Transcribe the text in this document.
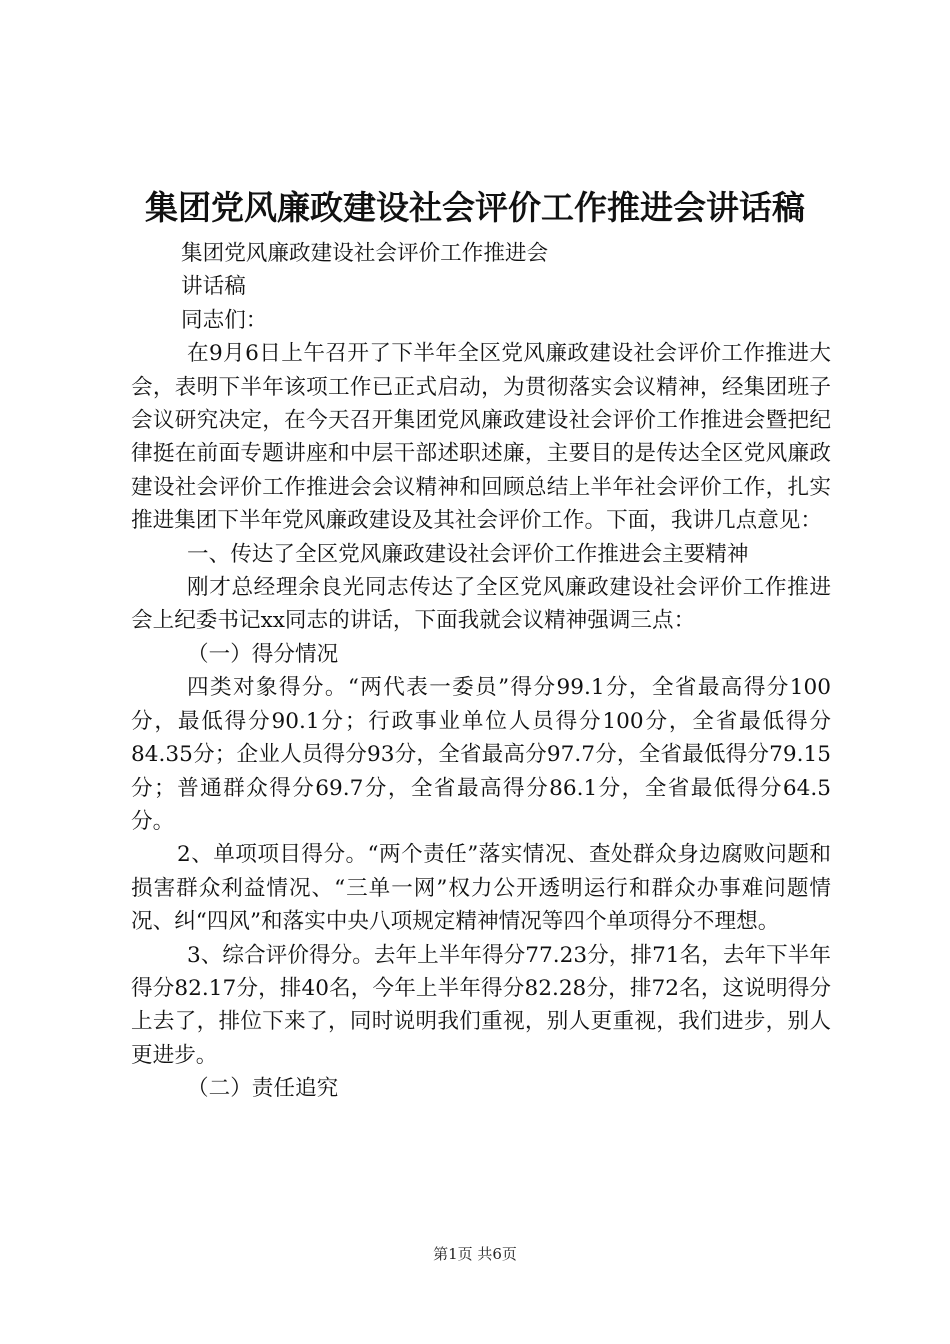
集团党风廉政建设社会评价工作推进会讲话稿

集团党风廉政建设社会评价工作推进会

讲话稿

同志们：

在9月6日上午召开了下半年全区党风廉政建设社会评价工作推进大会，表明下半年该项工作已正式启动，为贯彻落实会议精神，经集团班子会议研究决定，在今天召开集团党风廉政建设社会评价工作推进会暨把纪律挺在前面专题讲座和中层干部述职述廉，主要目的是传达全区党风廉政建设社会评价工作推进会会议精神和回顾总结上半年社会评价工作，扎实推进集团下半年党风廉政建设及其社会评价工作。下面，我讲几点意见：

一、传达了全区党风廉政建设社会评价工作推进会主要精神

刚才总经理余良光同志传达了全区党风廉政建设社会评价工作推进会上纪委书记xx同志的讲话，下面我就会议精神强调三点：

（一）得分情况

四类对象得分。“两代表一委员”得分99.1分，全省最高得分100分，最低得分90.1分；行政事业单位人员得分100分，全省最低得分84.35分；企业人员得分93分，全省最高分97.7分，全省最低得分79.15分；普通群众得分69.7分，全省最高得分86.1分，全省最低得分64.5分。

2、单项项目得分。“两个责任”落实情况、查处群众身边腐败问题和损害群众利益情况、“三单一网”权力公开透明运行和群众办事难问题情况、纠“四风”和落实中央八项规定精神情况等四个单项得分不理想。

3、综合评价得分。去年上半年得分77.23分，排71名，去年下半年得分82.17分，排40名，今年上半年得分82.28分，排72名，这说明得分上去了，排位下来了，同时说明我们重视，别人更重视，我们进步，别人更进步。

（二）责任追究

第1页 共6页
